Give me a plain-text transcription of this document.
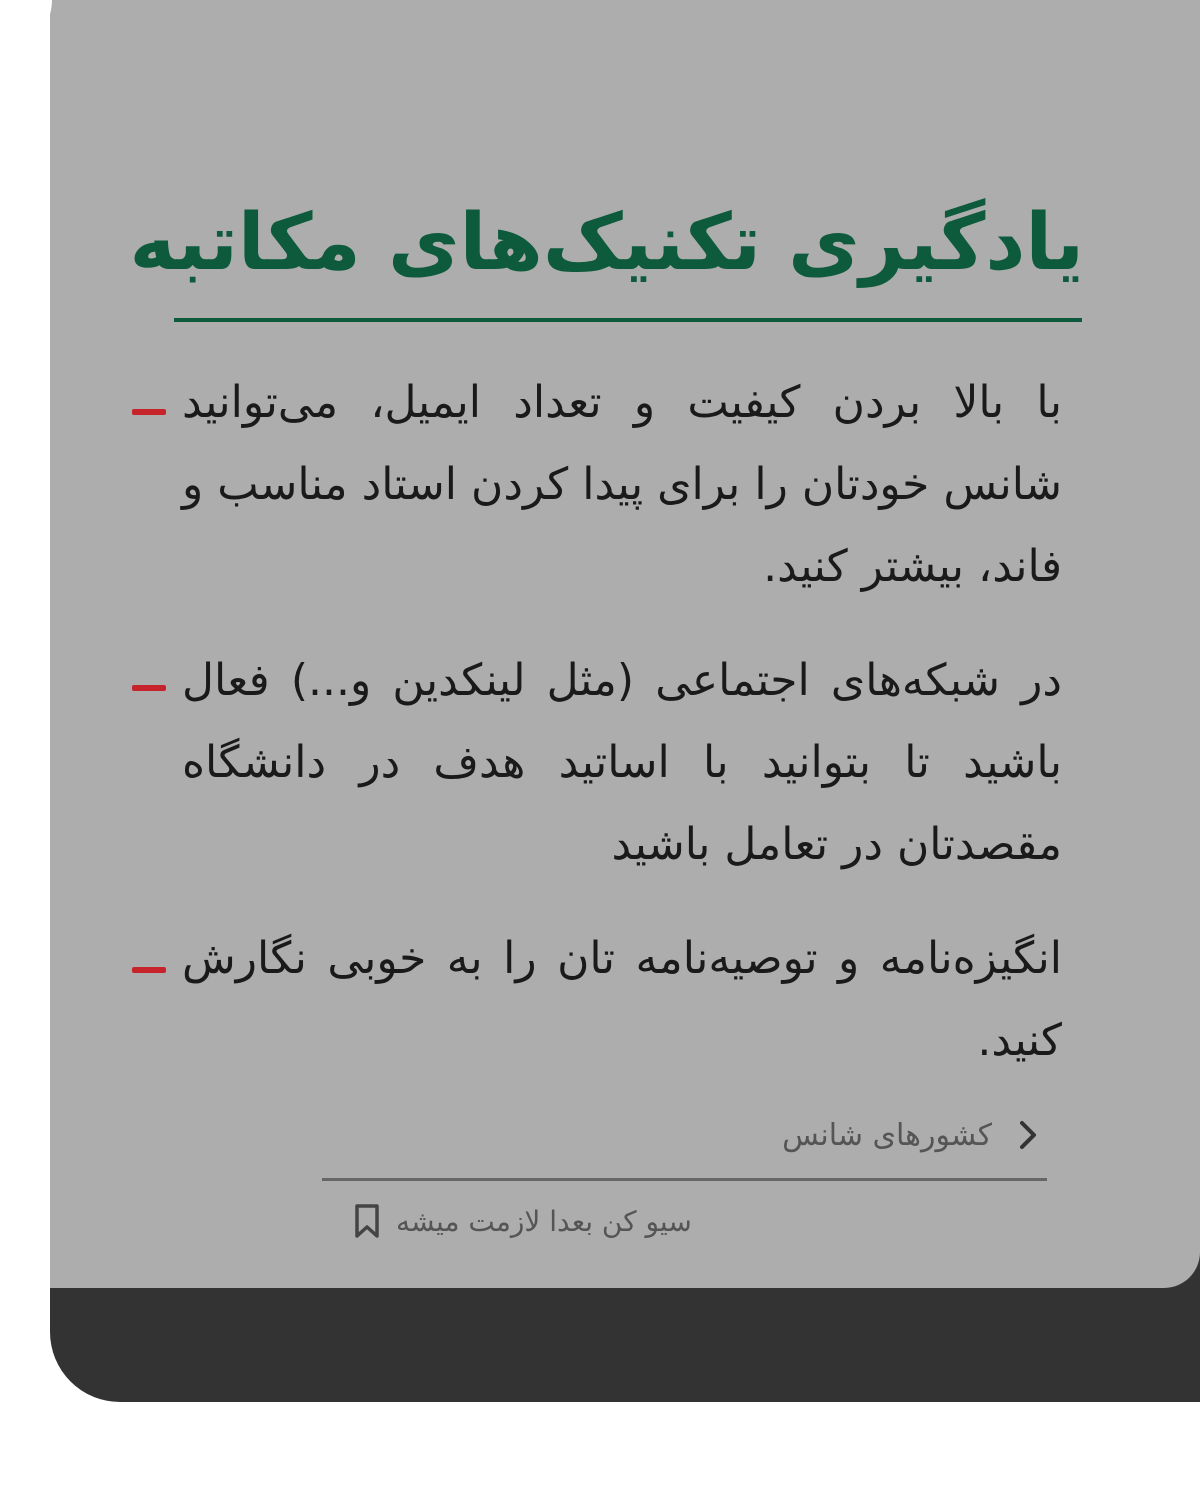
یادگیری تکنیک‌های مکاتبه
با بالا بردن کیفیت و تعداد ایمیل، می‌توانید شانس خودتان را برای پیدا کردن استاد مناسب و فاند، بیشتر کنید.
در شبکه‌های اجتماعی (مثل لینکدین و...) فعال باشید تا بتوانید با اساتید هدف در دانشگاه مقصدتان در تعامل باشید
انگیزه‌نامه و توصیه‌نامه تان را به خوبی نگارش کنید.
کشورهای شانس
سیو کن بعدا لازمت میشه
